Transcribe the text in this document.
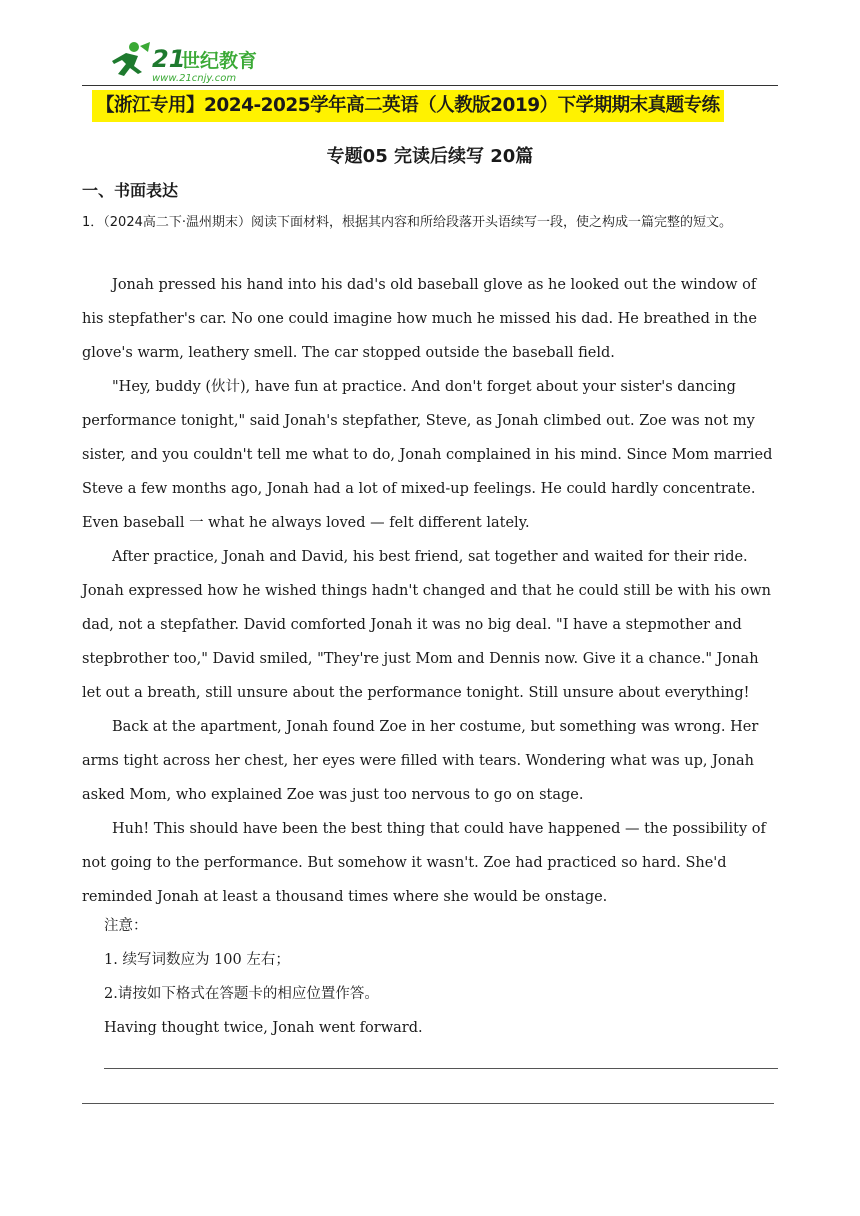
21
世纪教育
www.21cnjy.com
【浙江专用】2024-2025学年高二英语（人教版2019）下学期期末真题专练
专题05 完读后续写 20篇
一、书面表达
1．（2024高二下·温州期末）阅读下面材料，根据其内容和所给段落开头语续写一段，使之构成一篇完整的短文。

Jonah pressed his hand into his dad's old baseball glove as he looked out the window of his stepfather's car. No one could imagine how much he missed his dad. He breathed in the glove's warm, leathery smell. The car stopped outside the baseball field.

"Hey, buddy (伙计), have fun at practice. And don't forget about your sister's dancing performance tonight," said Jonah's stepfather, Steve, as Jonah climbed out. Zoe was not my sister, and you couldn't tell me what to do, Jonah complained in his mind. Since Mom married Steve a few months ago, Jonah had a lot of mixed-up feelings. He could hardly concentrate. Even baseball 一 what he always loved — felt different lately.

After practice, Jonah and David, his best friend, sat together and waited for their ride. Jonah expressed how he wished things hadn't changed and that he could still be with his own dad, not a stepfather. David comforted Jonah it was no big deal. "I have a stepmother and stepbrother too," David smiled, "They're just Mom and Dennis now. Give it a chance." Jonah let out a breath, still unsure about the performance tonight. Still unsure about everything!

Back at the apartment, Jonah found Zoe in her costume, but something was wrong. Her arms tight across her chest, her eyes were filled with tears. Wondering what was up, Jonah asked Mom, who explained Zoe was just too nervous to go on stage.

Huh! This should have been the best thing that could have happened — the possibility of not going to the performance. But somehow it wasn't. Zoe had practiced so hard. She'd reminded Jonah at least a thousand times where she would be onstage.

注意：
1. 续写词数应为 100 左右；
2.请按如下格式在答题卡的相应位置作答。
Having thought twice, Jonah went forward.
